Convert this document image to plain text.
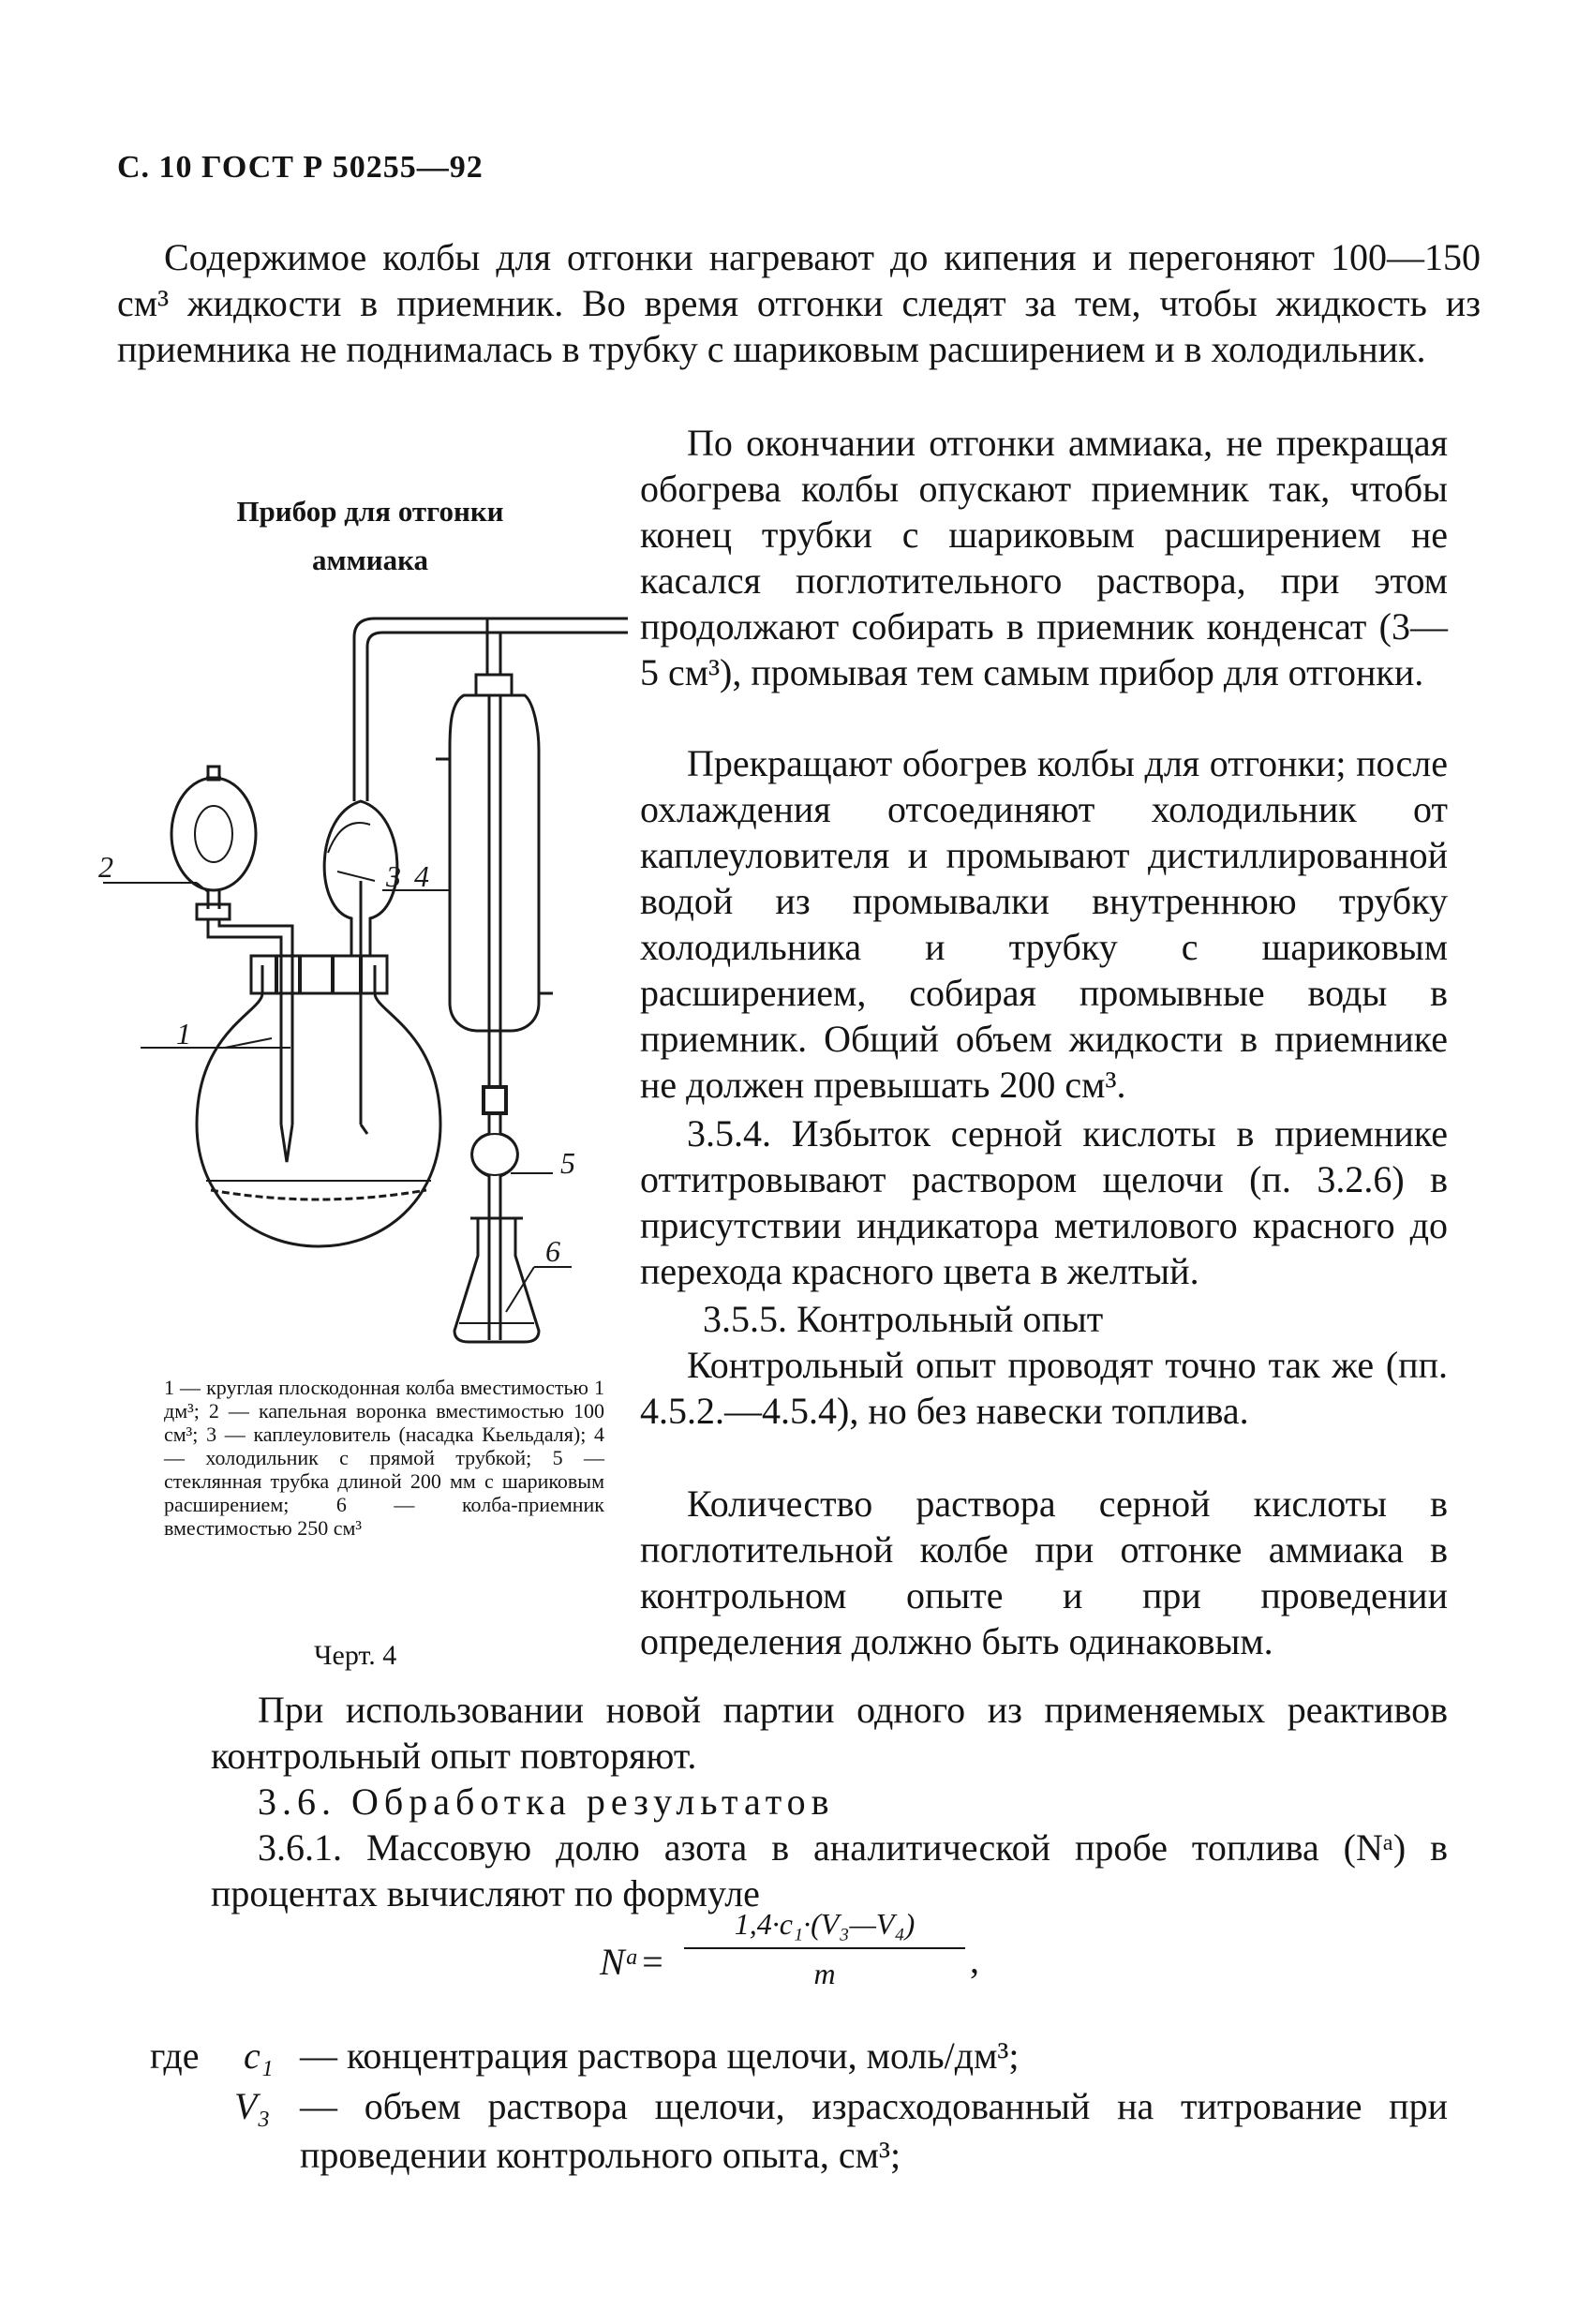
С. 10 ГОСТ Р 50255—92
Содержимое колбы для отгонки нагревают до кипения и перегоняют 100—150 см³ жидкости в приемник. Во время отгонки следят за тем, чтобы жидкость из приемника не поднималась в трубку с шариковым расширением и в холодильник.
Прибор для отгонки
аммиака
1
2	3 4
5
6
1 — круглая плоскодонная колба вместимостью 1 дм³; 2 — капельная воронка вместимостью 100 см³; 3 — каплеуловитель (насадка Кьельдаля); 4 — холодильник с прямой трубкой; 5 — стеклянная трубка длиной 200 мм с шариковым расширением; 6 — колба-приемник вместимостью 250 см³
Черт. 4
По окончании отгонки аммиака, не прекращая обогрева колбы опускают приемник так, чтобы конец трубки с шариковым расширением не касался поглотительного раствора, при этом продолжают собирать в приемник конденсат (3—5 см³), промывая тем самым прибор для отгонки.
Прекращают обогрев колбы для отгонки; после охлаждения отсоединяют холодильник от каплеуловителя и промывают дистиллированной водой из промывалки внутреннюю трубку холодильника и трубку с шариковым расширением, собирая промывные воды в приемник. Общий объем жидкости в приемнике не должен превышать 200 см³.
3.5.4. Избыток серной кислоты в приемнике оттитровывают раствором щелочи (п. 3.2.6) в присутствии индикатора метилового красного до перехода красного цвета в желтый.
3.5.5. Контрольный опыт
Контрольный опыт проводят точно так же (пп. 4.5.2.—4.5.4), но без навески топлива.
Количество раствора серной кислоты в поглотительной колбе при отгонке аммиака в контрольном опыте и при проведении определения должно быть одинаковым.
При использовании новой партии одного из применяемых реактивов контрольный опыт повторяют.
3.6. Обработка результатов
3.6.1. Массовую долю азота в аналитической пробе топлива (Nᵃ) в процентах вычисляют по формуле
Nᵃ=
1,4·c₁·(V₃—V₄)
m	,
где c₁ — концентрация раствора щелочи, моль/дм³;
V₃ — объем раствора щелочи, израсходованный на титрование при проведении контрольного опыта, см³;
